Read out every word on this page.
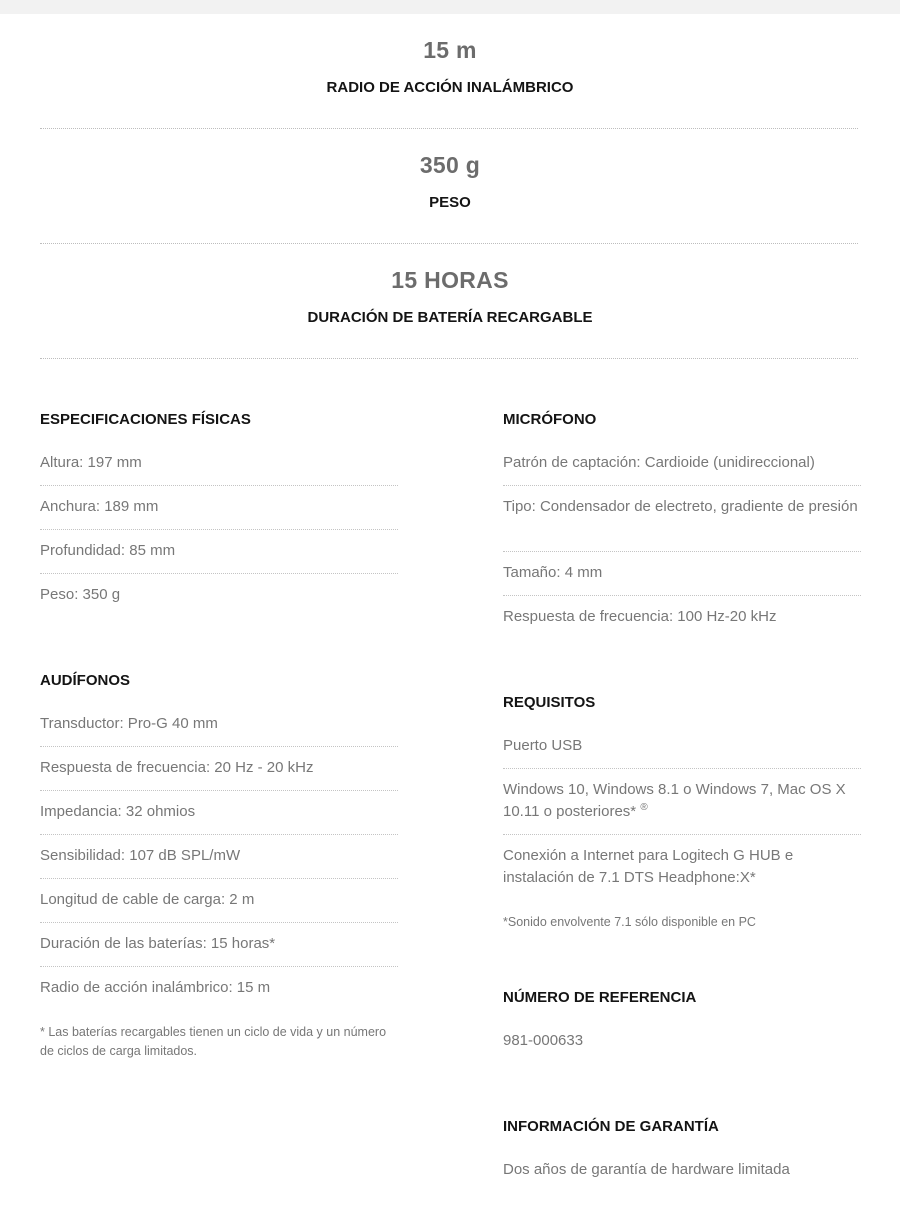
15 m
RADIO DE ACCIÓN INALÁMBRICO
350 g
PESO
15 HORAS
DURACIÓN DE BATERÍA RECARGABLE
ESPECIFICACIONES FÍSICAS
Altura: 197 mm
Anchura: 189 mm
Profundidad: 85 mm
Peso: 350 g
AUDÍFONOS
Transductor: Pro-G 40 mm
Respuesta de frecuencia: 20 Hz - 20 kHz
Impedancia: 32 ohmios
Sensibilidad: 107 dB SPL/mW
Longitud de cable de carga: 2 m
Duración de las baterías: 15 horas*
Radio de acción inalámbrico: 15 m
* Las baterías recargables tienen un ciclo de vida y un número de ciclos de carga limitados.
MICRÓFONO
Patrón de captación: Cardioide (unidireccional)
Tipo: Condensador de electreto, gradiente de presión
Tamaño: 4 mm
Respuesta de frecuencia: 100 Hz-20 kHz
REQUISITOS
Puerto USB
Windows 10, Windows 8.1 o Windows 7, Mac OS X 10.11 o posteriores* ®
Conexión a Internet para Logitech G HUB e instalación de 7.1 DTS Headphone:X*
*Sonido envolvente 7.1 sólo disponible en PC
NÚMERO DE REFERENCIA
981-000633
INFORMACIÓN DE GARANTÍA
Dos años de garantía de hardware limitada
